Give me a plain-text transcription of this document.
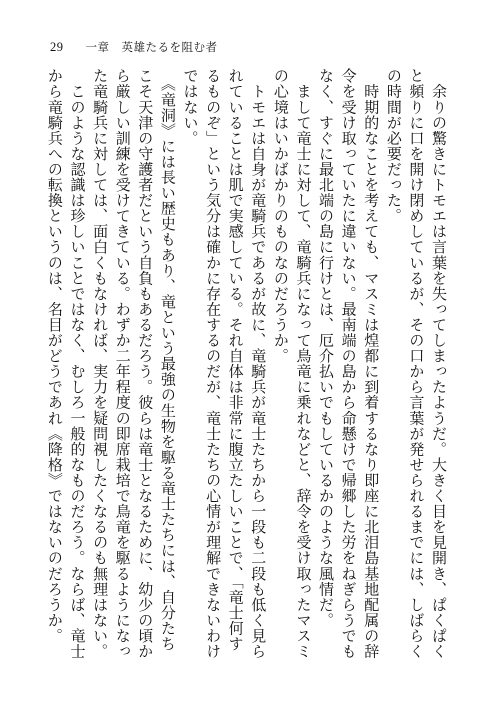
29 一章　英雄たるを阻む者

　余りの驚きにトモエは言葉を失ってしまったようだ。大きく目を見開き、ぱくぱくと頻りに口を開け閉めしているが、その口から言葉が発せられるまでには、しばらくの時間が必要だった。

　時期的なことを考えても、マスミは煌都に到着するなり即座に北泪島基地配属の辞令を受け取っていたに違いない。最南端の島から命懸けで帰郷した労をねぎらうでもなく、すぐに最北端の島に行けとは、厄介払いでもしているかのような風情だ。

　まして竜士に対して、竜騎兵になって鳥竜に乗れなどと、辞令を受け取ったマスミの心境はいかばかりのものなのだろうか。

　トモエは自身が竜騎兵であるが故に、竜騎兵が竜士たちから一段も二段も低く見られていることは肌で実感している。それ自体は非常に腹立たしいことで、「竜士何するものぞ」という気分は確かに存在するのだが、竜士たちの心情が理解できないわけではない。

　《竜洞》には長い歴史もあり、竜という最強の生物を駆る竜士たちには、自分たちこそ天津の守護者だという自負もあるだろう。彼らは竜士となるために、幼少の頃から厳しい訓練を受けてきている。わずか二年程度の即席栽培で鳥竜を駆るようになった竜騎兵に対しては、面白くもなければ、実力を疑問視したくなるのも無理はない。

　このような認識は珍しいことではなく、むしろ一般的なものだろう。ならば、竜士から竜騎兵への転換というのは、名目がどうであれ《降格》ではないのだろうか。
